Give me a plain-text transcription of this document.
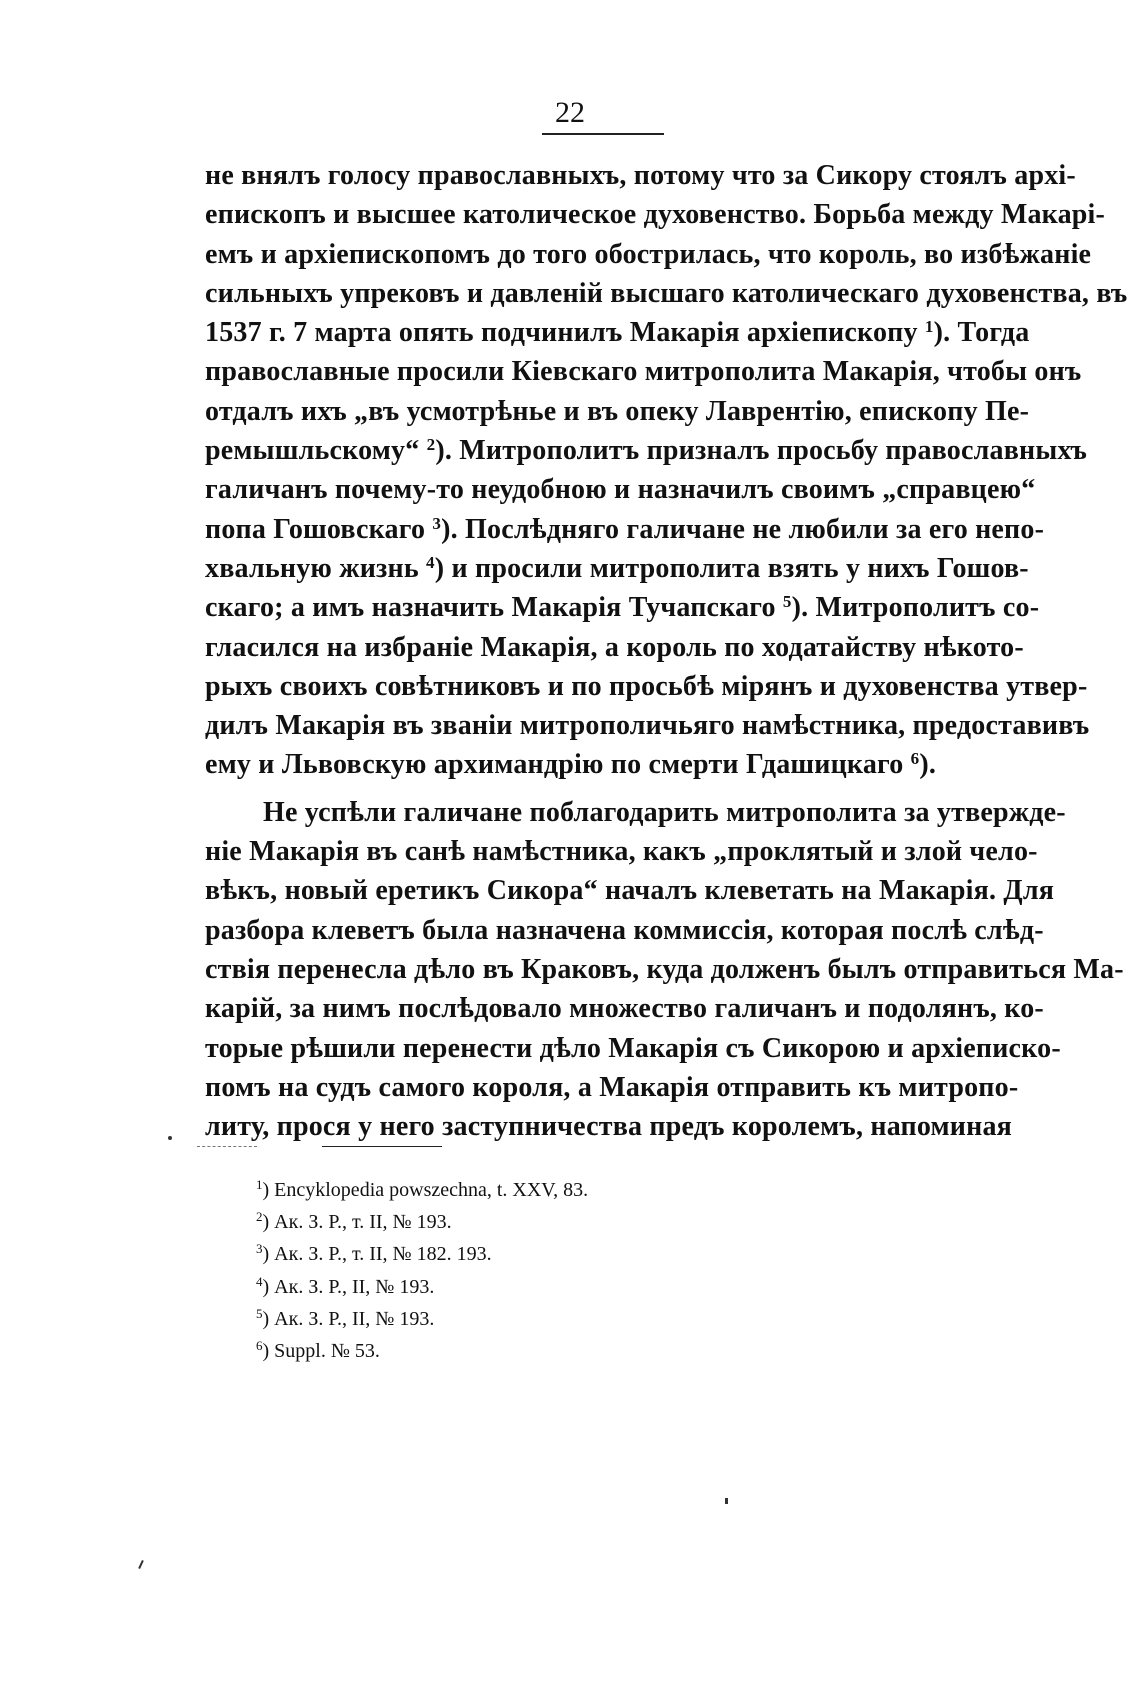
22
не внялъ голосу православныхъ, потому что за Сикору стоялъ архі-
епископъ и высшее католическое духовенство. Борьба между Макарі-
емъ и архіепископомъ до того обострилась, что король, во избѣжаніе
сильныхъ упрековъ и давленій высшаго католическаго духовенства, въ
1537 г. 7 марта опять подчинилъ Макарія архіепископу $^1$). Тогда
православные просили Кіевскаго митрополита Макарія, чтобы онъ
отдалъ ихъ „въ усмотрѣнье и въ опеку Лаврентію, епископу Пе-
ремышльскому“ $^2$). Митрополитъ призналъ просьбу православныхъ
галичанъ почему-то неудобною и назначилъ своимъ „справцею“
попа Гошовскаго $^3$). Послѣдняго галичане не любили за его непо-
хвальную жизнь $^4$) и просили митрополита взять у нихъ Гошов-
скаго; а имъ назначить Макарія Тучапскаго $^5$). Митрополитъ со-
гласился на избраніе Макарія, а король по ходатайству нѣкото-
рыхъ своихъ совѣтниковъ и по просьбѣ мірянъ и духовенства утвер-
дилъ Макарія въ званіи митрополичьяго намѣстника, предоставивъ
ему и Львовскую архимандрію по смерти Гдашицкаго $^6$).
Не успѣли галичане поблагодарить митрополита за утвержде-
ніе Макарія въ санѣ намѣстника, какъ „проклятый и злой чело-
вѣкъ, новый еретикъ Сикора“ началъ клеветать на Макарія. Для
разбора клеветъ была назначена коммиссія, которая послѣ слѣд-
ствія перенесла дѣло въ Краковъ, куда долженъ былъ отправиться Ма-
карій, за нимъ послѣдовало множество галичанъ и подолянъ, ко-
торые рѣшили перенести дѣло Макарія съ Сикорою и архіеписко-
помъ на судъ самого короля, а Макарія отправить къ митропо-
литу, прося у него заступничества предъ королемъ, напоминая
$^1$) Encyklopedia powszechna, t. XXV, 83.
$^2$) Ак. З. Р., т. II, № 193.
$^3$) Ак. З. Р., т. II, № 182. 193.
$^4$) Ак. З. Р., II, № 193.
$^5$) Ак. З. Р., II, № 193.
$^6$) Suppl. № 53.
